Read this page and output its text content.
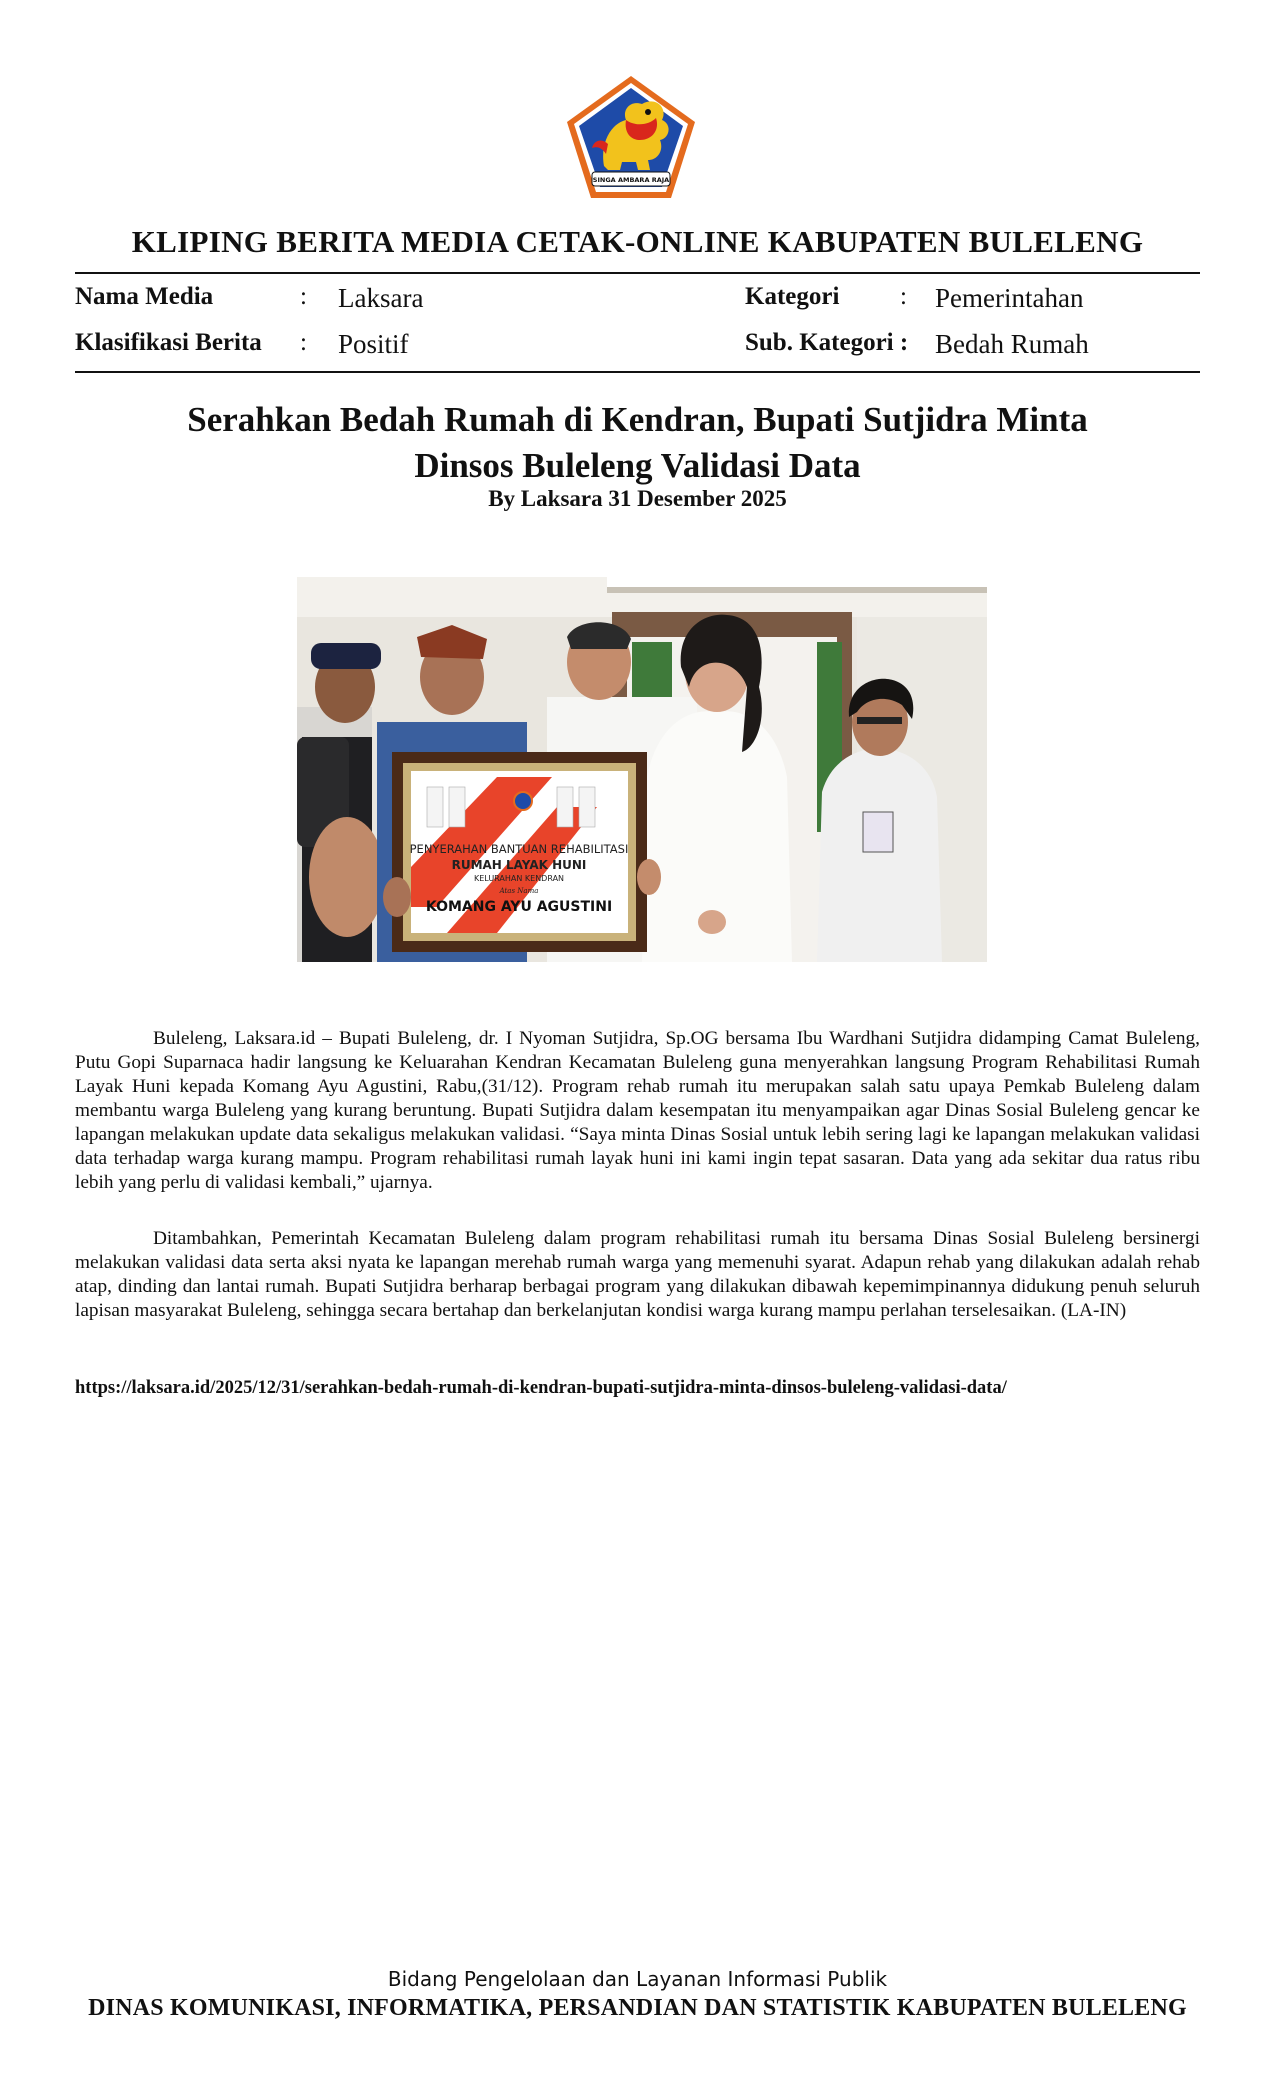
SINGA AMBARA RAJA
KLIPING BERITA MEDIA CETAK-ONLINE KABUPATEN BULELENG
Nama Media	: Laksara
Klasifikasi Berita : Positif
Kategori : Pemerintahan
Sub. Kategori : Bedah Rumah
Serahkan Bedah Rumah di Kendran, Bupati Sutjidra Minta
Dinsos Buleleng Validasi Data
By Laksara 31 Desember 2025
PENYERAHAN BANTUAN REHABILITASI
RUMAH LAYAK HUNI
KELURAHAN KENDRAN
Atas Nama
KOMANG AYU AGUSTINI
Buleleng, Laksara.id – Bupati Buleleng, dr. I Nyoman Sutjidra, Sp.OG bersama Ibu Wardhani Sutjidra didamping Camat Buleleng, Putu Gopi Suparnaca hadir langsung ke Keluarahan Kendran Kecamatan Buleleng guna menyerahkan langsung Program Rehabilitasi Rumah Layak Huni kepada Komang Ayu Agustini, Rabu,(31/12). Program rehab rumah itu merupakan salah satu upaya Pemkab Buleleng dalam membantu warga Buleleng yang kurang beruntung. Bupati Sutjidra dalam kesempatan itu menyampaikan agar Dinas Sosial Buleleng gencar ke lapangan melakukan update data sekaligus melakukan validasi. “Saya minta Dinas Sosial untuk lebih sering lagi ke lapangan melakukan validasi data terhadap warga kurang mampu. Program rehabilitasi rumah layak huni ini kami ingin tepat sasaran. Data yang ada sekitar dua ratus ribu lebih yang perlu di validasi kembali,” ujarnya.
Ditambahkan, Pemerintah Kecamatan Buleleng dalam program rehabilitasi rumah itu bersama Dinas Sosial Buleleng bersinergi melakukan validasi data serta aksi nyata ke lapangan merehab rumah warga yang memenuhi syarat. Adapun rehab yang dilakukan adalah rehab atap, dinding dan lantai rumah. Bupati Sutjidra berharap berbagai program yang dilakukan dibawah kepemimpinannya didukung penuh seluruh lapisan masyarakat Buleleng, sehingga secara bertahap dan berkelanjutan kondisi warga kurang mampu perlahan terselesaikan. (LA-IN)
https://laksara.id/2025/12/31/serahkan-bedah-rumah-di-kendran-bupati-sutjidra-minta-dinsos-buleleng-validasi-data/
Bidang Pengelolaan dan Layanan Informasi Publik
DINAS KOMUNIKASI, INFORMATIKA, PERSANDIAN DAN STATISTIK KABUPATEN BULELENG
